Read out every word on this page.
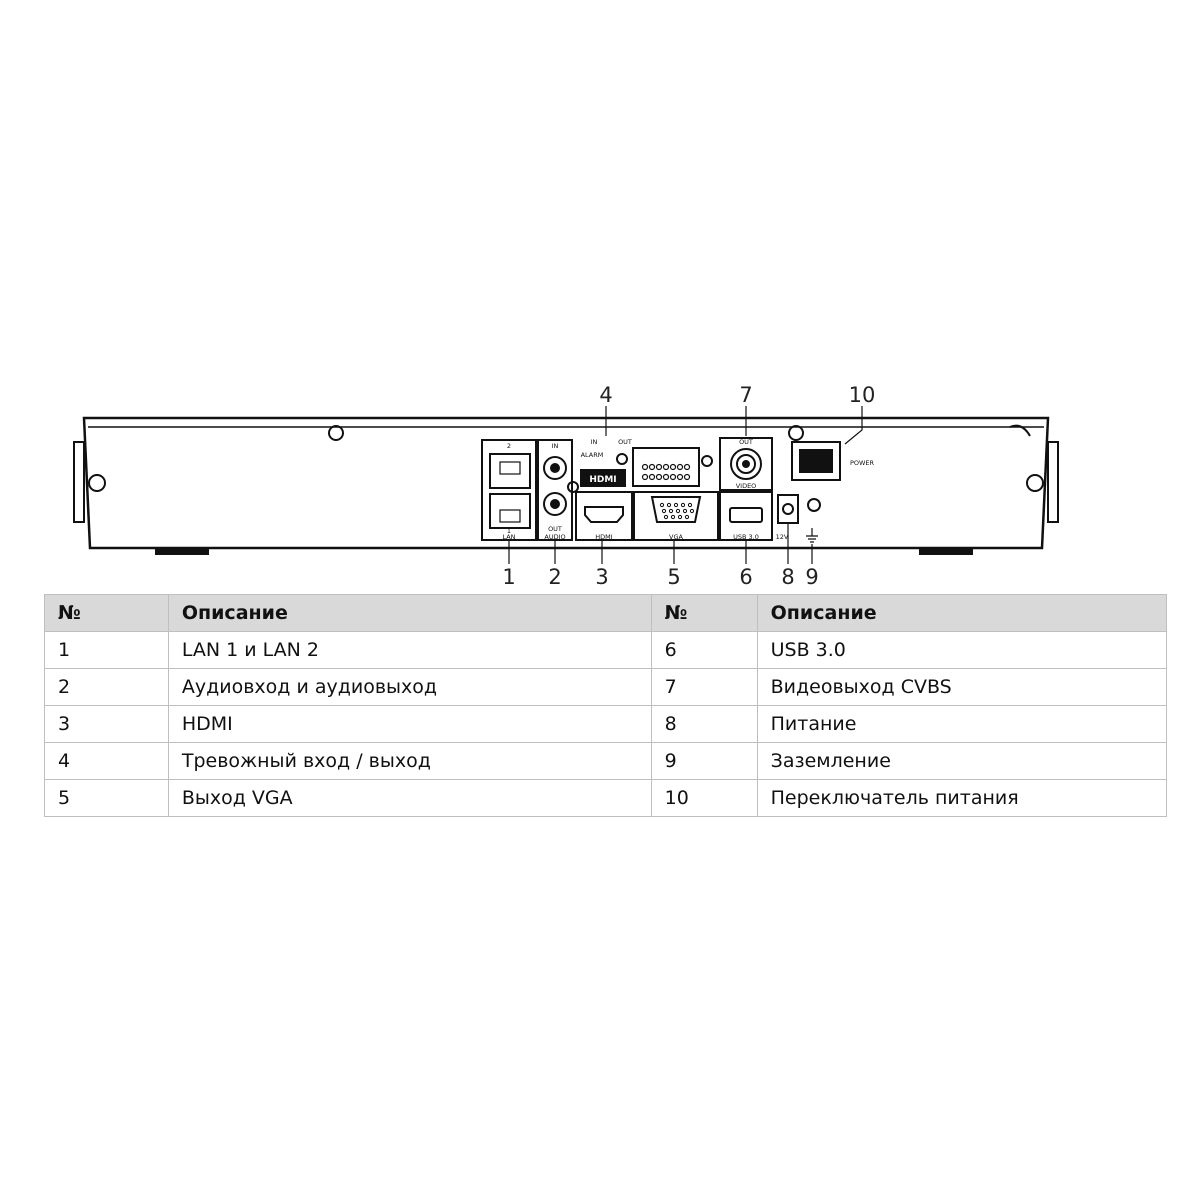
2
1
LAN
IN
OUT
AUDIO
IN	OUT
ALARM
HDMI	VGA
OUT
VIDEO
USB 3.0	12V
POWER
HDMI
1 2 3	5	6 8 9
4	7	10
№	Описание	№	Описание
1	LAN 1 и LAN 2	6	USB 3.0
2	Аудиовход и аудиовыход	7	Видеовыход CVBS
3	HDMI	8	Питание
4	Тревожный вход / выход	9	Заземление
5	Выход VGA	10	Переключатель питания
